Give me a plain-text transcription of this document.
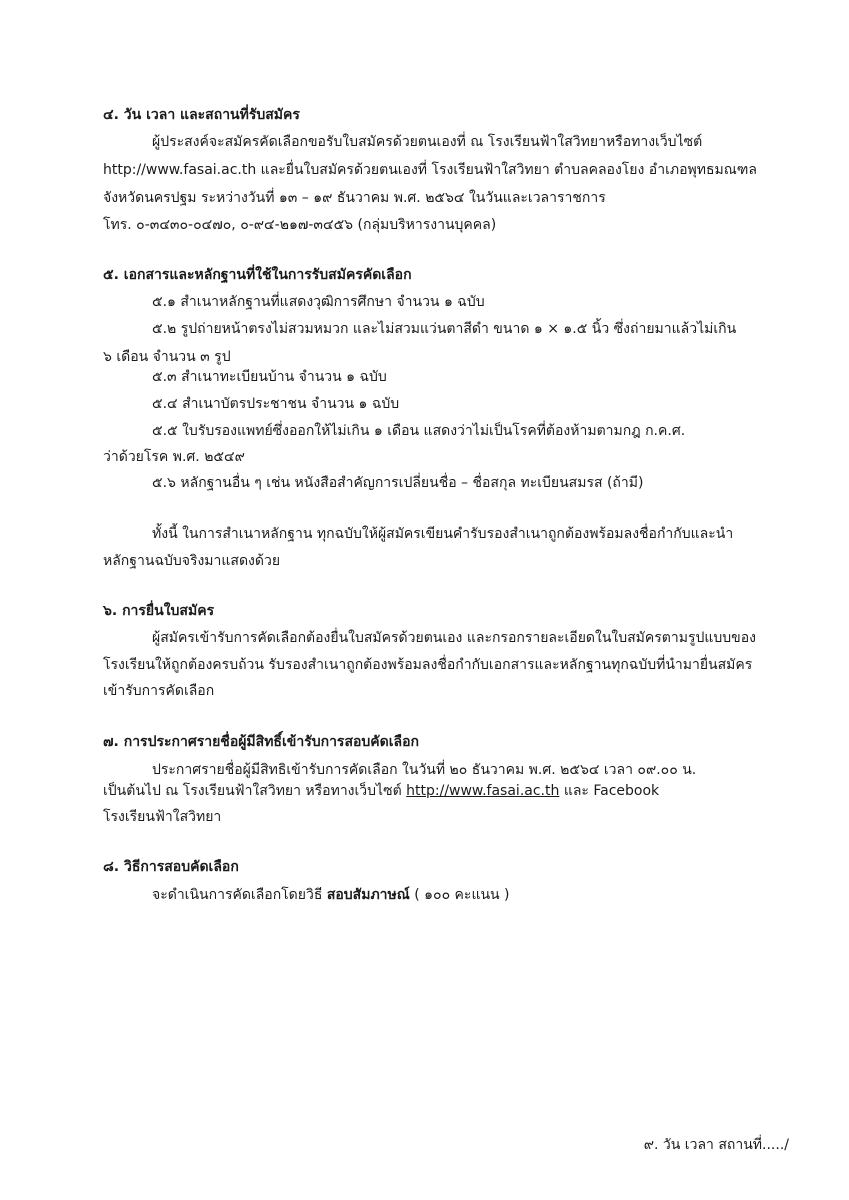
๔. วัน เวลา และสถานที่รับสมัคร
ผู้ประสงค์จะสมัครคัดเลือกขอรับใบสมัครด้วยตนเองที่ ณ โรงเรียนฟ้าใสวิทยาหรือทางเว็บไซต์
http://www.fasai.ac.th และยื่นใบสมัครด้วยตนเองที่ โรงเรียนฟ้าใสวิทยา ตำบลคลองโยง อำเภอพุทธมณฑล
จังหวัดนครปฐม ระหว่างวันที่ ๑๓ – ๑๙ ธันวาคม พ.ศ. ๒๕๖๔ ในวันและเวลาราชการ
โทร. ๐-๓๔๓๐-๐๔๗๐, ๐-๙๔-๒๑๗-๓๔๕๖ (กลุ่มบริหารงานบุคคล)
๕. เอกสารและหลักฐานที่ใช้ในการรับสมัครคัดเลือก
๕.๑ สำเนาหลักฐานที่แสดงวุฒิการศึกษา จำนวน ๑ ฉบับ
๕.๒ รูปถ่ายหน้าตรงไม่สวมหมวก และไม่สวมแว่นตาสีดำ ขนาด ๑ × ๑.๕ นิ้ว ซึ่งถ่ายมาแล้วไม่เกิน
๖ เดือน จำนวน ๓ รูป
๕.๓ สำเนาทะเบียนบ้าน จำนวน ๑ ฉบับ
๕.๔ สำเนาบัตรประชาชน จำนวน ๑ ฉบับ
๕.๕ ใบรับรองแพทย์ซึ่งออกให้ไม่เกิน ๑ เดือน แสดงว่าไม่เป็นโรคที่ต้องห้ามตามกฎ ก.ค.ศ.
ว่าด้วยโรค พ.ศ. ๒๕๔๙
๕.๖ หลักฐานอื่น ๆ เช่น หนังสือสำคัญการเปลี่ยนชื่อ – ชื่อสกุล ทะเบียนสมรส (ถ้ามี)
ทั้งนี้ ในการสำเนาหลักฐาน ทุกฉบับให้ผู้สมัครเขียนคำรับรองสำเนาถูกต้องพร้อมลงชื่อกำกับและนำ
หลักฐานฉบับจริงมาแสดงด้วย
๖. การยื่นใบสมัคร
ผู้สมัครเข้ารับการคัดเลือกต้องยื่นใบสมัครด้วยตนเอง และกรอกรายละเอียดในใบสมัครตามรูปแบบของ
โรงเรียนให้ถูกต้องครบถ้วน รับรองสำเนาถูกต้องพร้อมลงชื่อกำกับเอกสารและหลักฐานทุกฉบับที่นำมายื่นสมัคร
เข้ารับการคัดเลือก
๗. การประกาศรายชื่อผู้มีสิทธิ์เข้ารับการสอบคัดเลือก
ประกาศรายชื่อผู้มีสิทธิเข้ารับการคัดเลือก ในวันที่ ๒๐ ธันวาคม พ.ศ. ๒๕๖๔ เวลา ๐๙.๐๐ น.
เป็นต้นไป ณ โรงเรียนฟ้าใสวิทยา หรือทางเว็บไซต์ http://www.fasai.ac.th และ Facebook
โรงเรียนฟ้าใสวิทยา
๘. วิธีการสอบคัดเลือก
จะดำเนินการคัดเลือกโดยวิธี สอบสัมภาษณ์ ( ๑๐๐ คะแนน )
๙. วัน เวลา สถานที่...../
